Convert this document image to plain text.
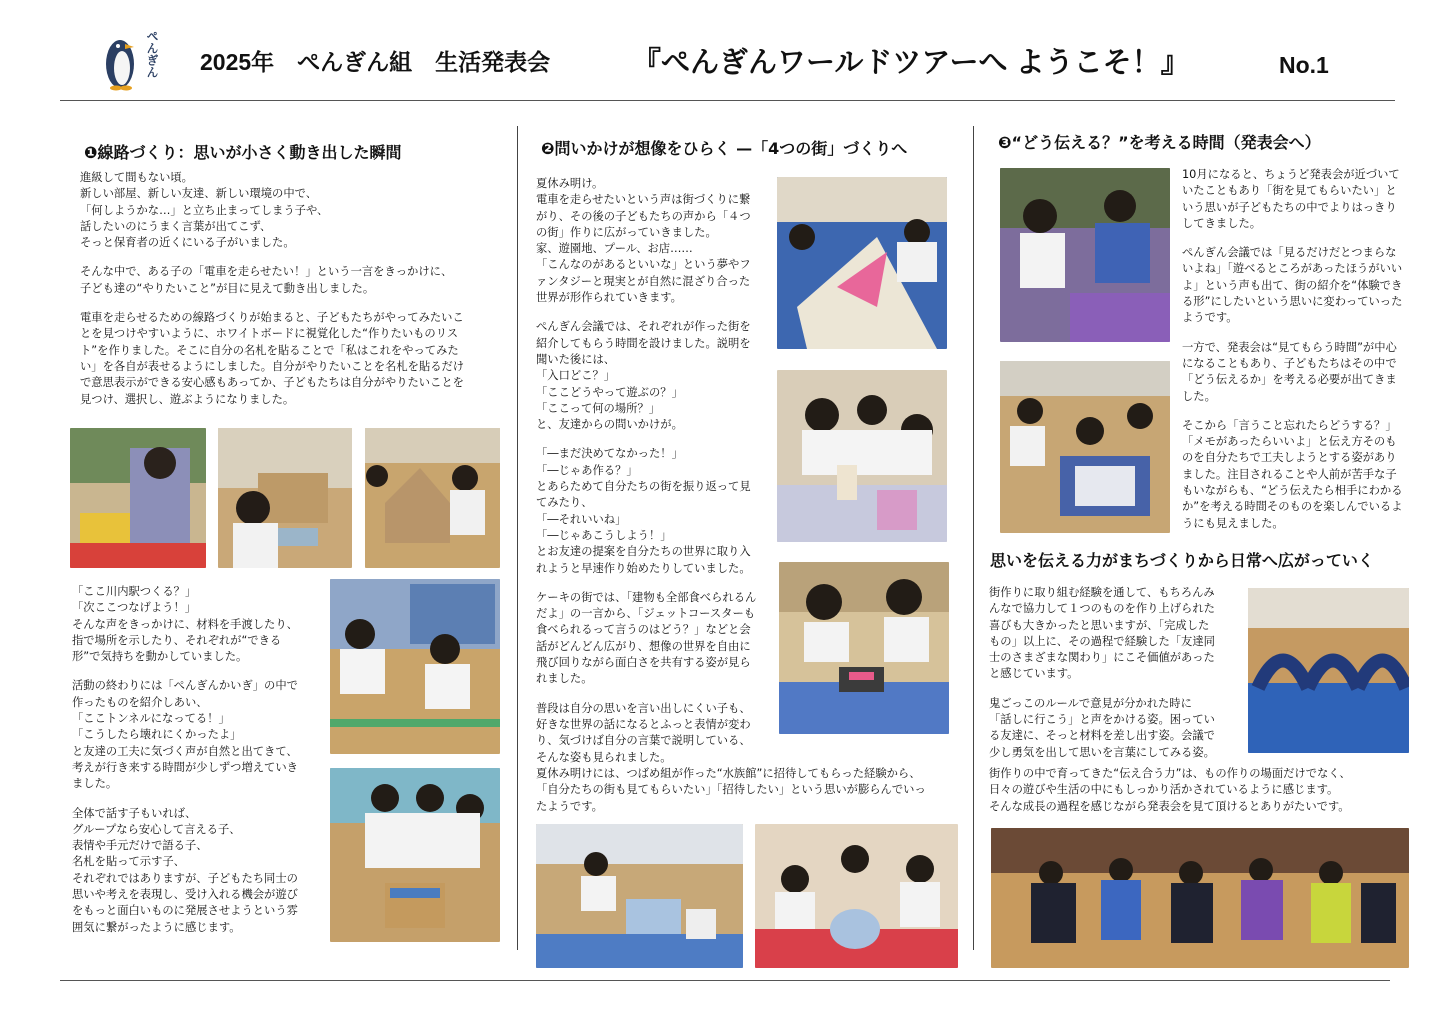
ぺんぎん 2025年　ぺんぎん組　生活発表会	『ぺんぎんワールドツアーへ ようこそ！』	No.1
❶線路づくり：思いが小さく動き出した瞬間

進級して間もない頃。
新しい部屋、新しい友達、新しい環境の中で、
「何しようかな…」と立ち止まってしまう子や、
話したいのにうまく言葉が出てこず、
そっと保育者の近くにいる子がいました。

そんな中で、ある子の「電車を走らせたい！」という一言をきっかけに、
子ども達の“やりたいこと”が目に見えて動き出しました。

電車を走らせるための線路づくりが始まると、子どもたちがやってみたいこ
とを見つけやすいように、ホワイトボードに視覚化した“作りたいものリス
ト”を作りました。そこに自分の名札を貼ることで「私はこれをやってみた
い」を各自が表せるようにしました。自分がやりたいことを名札を貼るだけ
で意思表示ができる安心感もあってか、子どもたちは自分がやりたいことを
見つけ、選択し、遊ぶようになりました。

「ここ川内駅つくる？」
「次ここつなげよう！」
そんな声をきっかけに、材料を手渡したり、
指で場所を示したり、それぞれが“できる
形”で気持ちを動かしていました。

活動の終わりには「ぺんぎんかいぎ」の中で
作ったものを紹介しあい、
「ここトンネルになってる！」
「こうしたら壊れにくかったよ」
と友達の工夫に気づく声が自然と出てきて、
考えが行き来する時間が少しずつ増えていき
ました。

全体で話す子もいれば、
グループなら安心して言える子、
表情や手元だけで語る子、
名札を貼って示す子、
それぞれではありますが、子どもたち同士の
思いや考えを表現し、受け入れる機会が遊び
をもっと面白いものに発展させようという雰
囲気に繋がったように感じます。

❷問いかけが想像をひらく —「4つの街」づくりへ

夏休み明け。
電車を走らせたいという声は街づくりに繋
がり、その後の子どもたちの声から「４つ
の街」作りに広がっていきました。
家、遊園地、プール、お店……
「こんなのがあるといいな」という夢やフ
ァンタジーと現実とが自然に混ざり合った
世界が形作られていきます。

ぺんぎん会議では、それぞれが作った街を
紹介してもらう時間を設けました。説明を
聞いた後には、
「入口どこ？」
「ここどうやって遊ぶの？」
「ここって何の場所？」
と、友達からの問いかけが。

「―まだ決めてなかった！」
「―じゃあ作る？」
とあらためて自分たちの街を振り返って見
てみたり、
「―それいいね」
「―じゃあこうしよう！」
とお友達の提案を自分たちの世界に取り入
れようと早速作り始めたりしていました。

ケーキの街では、「建物も全部食べられるん
だよ」の一言から、「ジェットコースターも
食べられるって言うのはどう？」などと会
話がどんどん広がり、想像の世界を自由に
飛び回りながら面白さを共有する姿が見ら
れました。

普段は自分の思いを言い出しにくい子も、
好きな世界の話になるとふっと表情が変わ
り、気づけば自分の言葉で説明している、
そんな姿も見られました。

夏休み明けには、つばめ組が作った“水族館”に招待してもらった経験から、
「自分たちの街も見てもらいたい」「招待したい」という思いが膨らんでいっ
たようです。

❸“どう伝える？”を考える時間（発表会へ）

10月になると、ちょうど発表会が近づいて
いたこともあり「街を見てもらいたい」と
いう思いが子どもたちの中でよりはっきり
してきました。

ぺんぎん会議では「見るだけだとつまらな
いよね」「遊べるところがあったほうがいい
よ」という声も出て、街の紹介を“体験でき
る形”にしたいという思いに変わっていった
ようです。

一方で、発表会は“見てもらう時間”が中心
になることもあり、子どもたちはその中で
「どう伝えるか」を考える必要が出てきま
した。

そこから「言うこと忘れたらどうする？」
「メモがあったらいいよ」と伝え方そのも
のを自分たちで工夫しようとする姿があり
ました。注目されることや人前が苦手な子
もいながらも、“どう伝えたら相手にわかる
か”を考える時間そのものを楽しんでいるよ
うにも見えました。

思いを伝える力がまちづくりから日常へ広がっていく

街作りに取り組む経験を通して、もちろんみ
んなで協力して１つのものを作り上げられた
喜びも大きかったと思いますが、「完成した
もの」以上に、その過程で経験した「友達同
士のさまざまな関わり」にこそ価値があった
と感じています。

鬼ごっこのルールで意見が分かれた時に
「話しに行こう」と声をかける姿。困ってい
る友達に、そっと材料を差し出す姿。会議で
少し勇気を出して思いを言葉にしてみる姿。

街作りの中で育ってきた“伝え合う力”は、もの作りの場面だけでなく、
日々の遊びや生活の中にもしっかり活かされているように感じます。
そんな成長の過程を感じながら発表会を見て頂けるとありがたいです。
